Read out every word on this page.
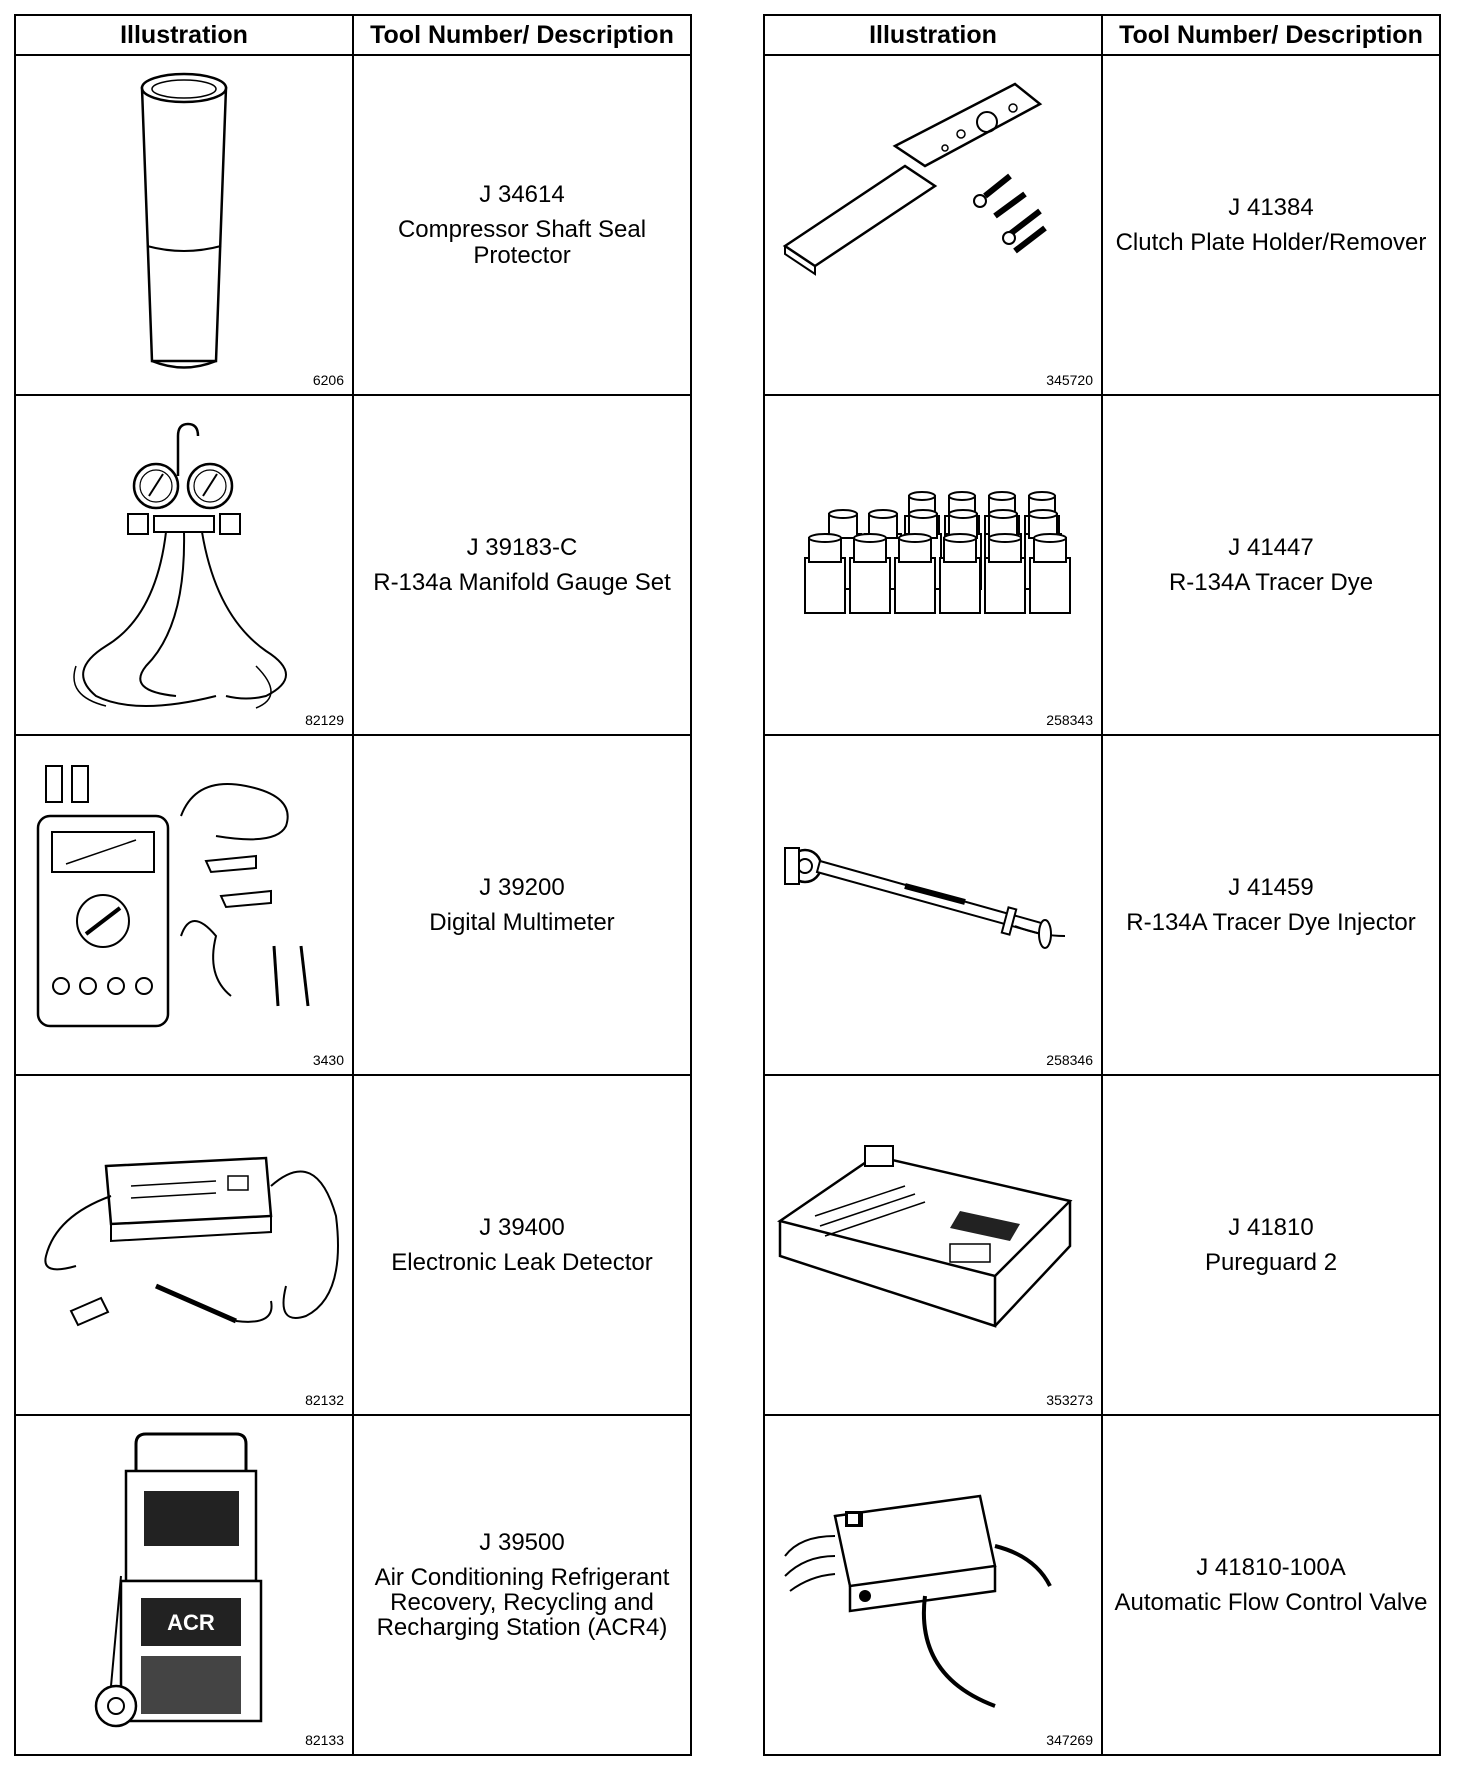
Illustration	Tool Number/ Description

6206	J 34614
Compressor Shaft Seal Protector

82129	J 39183-C
R-134a Manifold Gauge Set

3430	J 39200
Digital Multimeter

82132	J 39400
Electronic Leak Detector

ACR
82133	J 39500
Air Conditioning Refrigerant Recovery, Recycling and Recharging Station (ACR4)
Illustration	Tool Number/ Description

345720	J 41384
Clutch Plate Holder/Remover

258343	J 41447
R-134A Tracer Dye

258346	J 41459
R-134A Tracer Dye Injector

353273	J 41810
Pureguard 2

347269	J 41810-100A
Automatic Flow Control Valve
